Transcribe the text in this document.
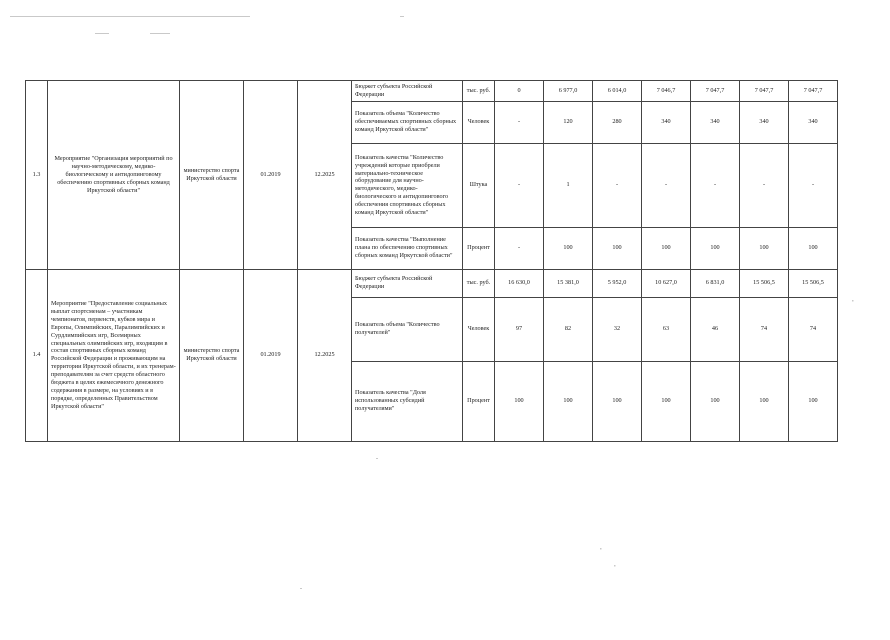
1.3	Мероприятие "Организация мероприятий по научно-методическому, медико-биологическому и антидопинговому обеспечению спортивных сборных команд Иркутской области"	министерство спорта Иркутской области	01.2019	12.2025	Бюджет субъекта Российской Федерации	тыс. руб.	0	6 977,0	6 014,0	7 046,7	7 047,7	7 047,7	7 047,7
					Показатель объема "Количество обеспечиваемых спортивных сборных команд Иркутской области"	Человек	-	120	280	340	340	340	340
					Показатель качества "Количество учреждений которые приобрели материально-техническое оборудование для научно-методического, медико-биологического и антидопингового обеспечения спортивных сборных команд Иркутской области"	Штука	-	1	-	-	-	-	-
					Показатель качества "Выполнение плана по обеспечению спортивных сборных команд Иркутской области"	Процент	-	100	100	100	100	100	100
1.4	Мероприятие "Предоставление социальных выплат спортсменам – участникам чемпионатов, первенств, кубков мира и Европы, Олимпийских, Паралимпийских и Сурдлимпийских игр, Всемирных специальных олимпийских игр, входящим в состав спортивных сборных команд Российской Федерации и проживающим на территории Иркутской области, и их тренерам-преподавателям за счет средств областного бюджета в целях ежемесячного денежного содержания в размере, на условиях и в порядке, определенных Правительством Иркутской области"	министерство спорта Иркутской области	01.2019	12.2025	Бюджет субъекта Российской Федерации	тыс. руб.	16 630,0	15 381,0	5 952,0	10 627,0	6 831,0	15 506,5	15 506,5
					Показатель объема "Количество получателей"	Человек	97	82	32	63	46	74	74
					Показатель качества "Доля использованных субсидий получателями"	Процент	100	100	100	100	100	100	100
